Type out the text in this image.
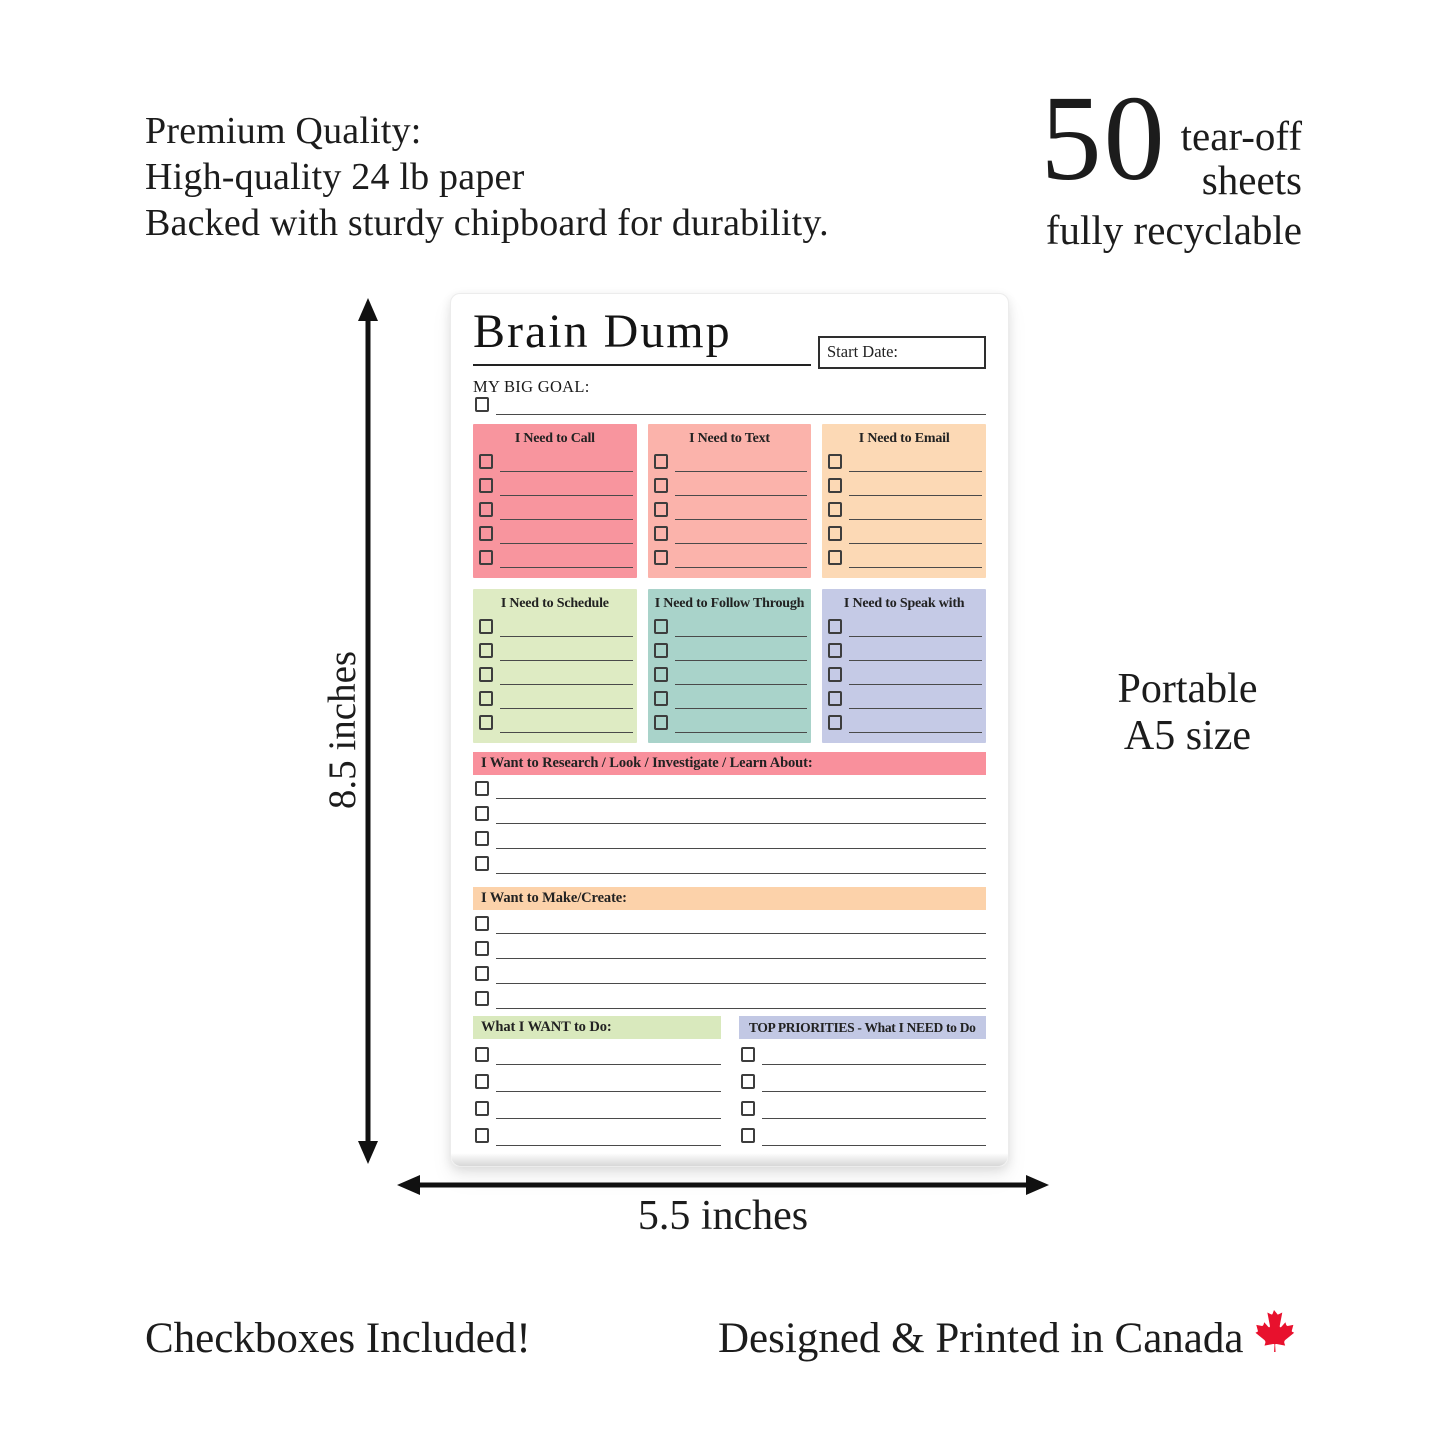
Premium Quality:
High-quality 24 lb paper
Backed with sturdy chipboard for durability.
50 tear-off
sheets
fully recyclable
Brain Dump	Start Date:
MY BIG GOAL:
I Need to Call	I Need to Text	I Need to Email
I Need to Schedule	I Need to Follow Through	I Need to Speak with
I Want to Research / Look / Investigate / Learn About:
I Want to Make/Create:
What I WANT to Do:	TOP PRIORITIES - What I NEED to Do
8.5 inches
5.5 inches
Portable
A5 size
Checkboxes Included!	Designed & Printed in Canada
